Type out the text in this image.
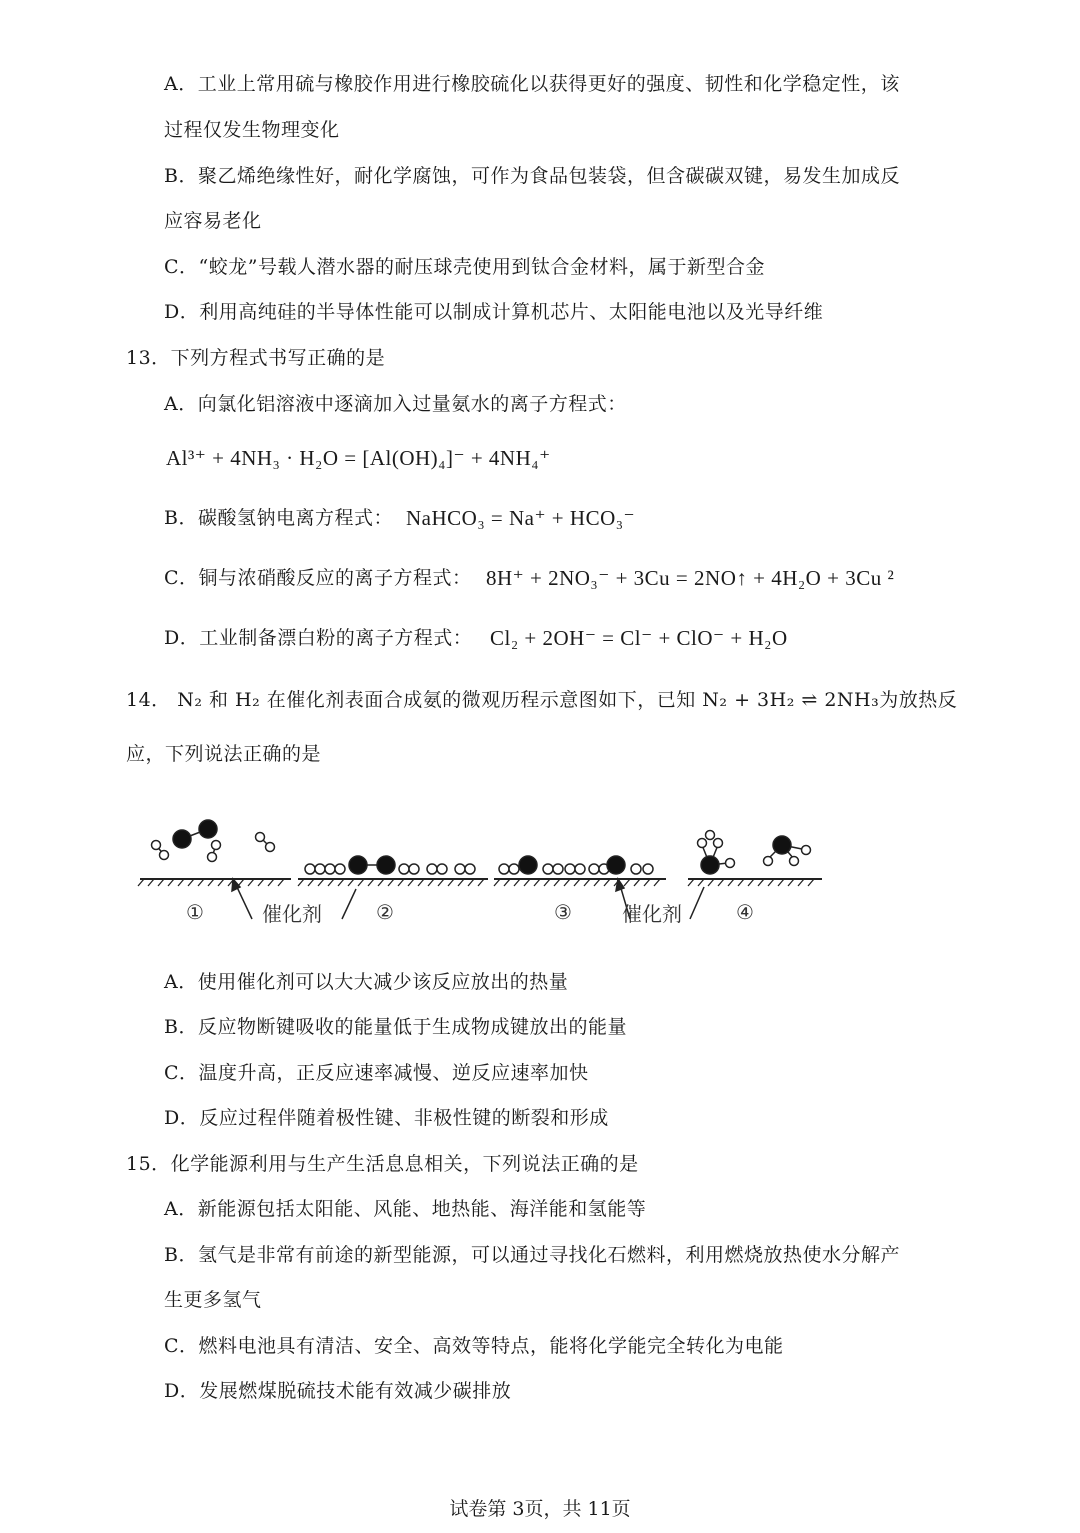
A．工业上常用硫与橡胶作用进行橡胶硫化以获得更好的强度、韧性和化学稳定性，该
过程仅发生物理变化
B．聚乙烯绝缘性好，耐化学腐蚀，可作为食品包装袋，但含碳碳双键，易发生加成反
应容易老化
C．“蛟龙”号载人潜水器的耐压球壳使用到钛合金材料，属于新型合金
D．利用高纯硅的半导体性能可以制成计算机芯片、太阳能电池以及光导纤维
13．下列方程式书写正确的是
A．向氯化铝溶液中逐滴加入过量氨水的离子方程式：
Al³⁺ + 4NH₃ · H₂O = [Al(OH)₄]⁻ + 4NH₄⁺
B．碳酸氢钠电离方程式： NaHCO₃ = Na⁺ + HCO₃⁻
C．铜与浓硝酸反应的离子方程式： 8H⁺ + 2NO₃⁻ + 3Cu = 2NO↑ + 4H₂O + 3Cu ²
D．工业制备漂白粉的离子方程式： Cl₂ + 2OH⁻ = Cl⁻ + ClO⁻ + H₂O
14． N₂ 和 H₂ 在催化剂表面合成氨的微观历程示意图如下，已知 N₂ + 3H₂ ⇌ 2NH₃为放热反
应，下列说法正确的是
①	催化剂	②	③	催化剂	④
A．使用催化剂可以大大减少该反应放出的热量
B．反应物断键吸收的能量低于生成物成键放出的能量
C．温度升高，正反应速率减慢、逆反应速率加快
D．反应过程伴随着极性键、非极性键的断裂和形成
15．化学能源利用与生产生活息息相关，下列说法正确的是
A．新能源包括太阳能、风能、地热能、海洋能和氢能等
B．氢气是非常有前途的新型能源，可以通过寻找化石燃料，利用燃烧放热使水分解产
生更多氢气
C．燃料电池具有清洁、安全、高效等特点，能将化学能完全转化为电能
D．发展燃煤脱硫技术能有效减少碳排放
试卷第 3页，共 11页
